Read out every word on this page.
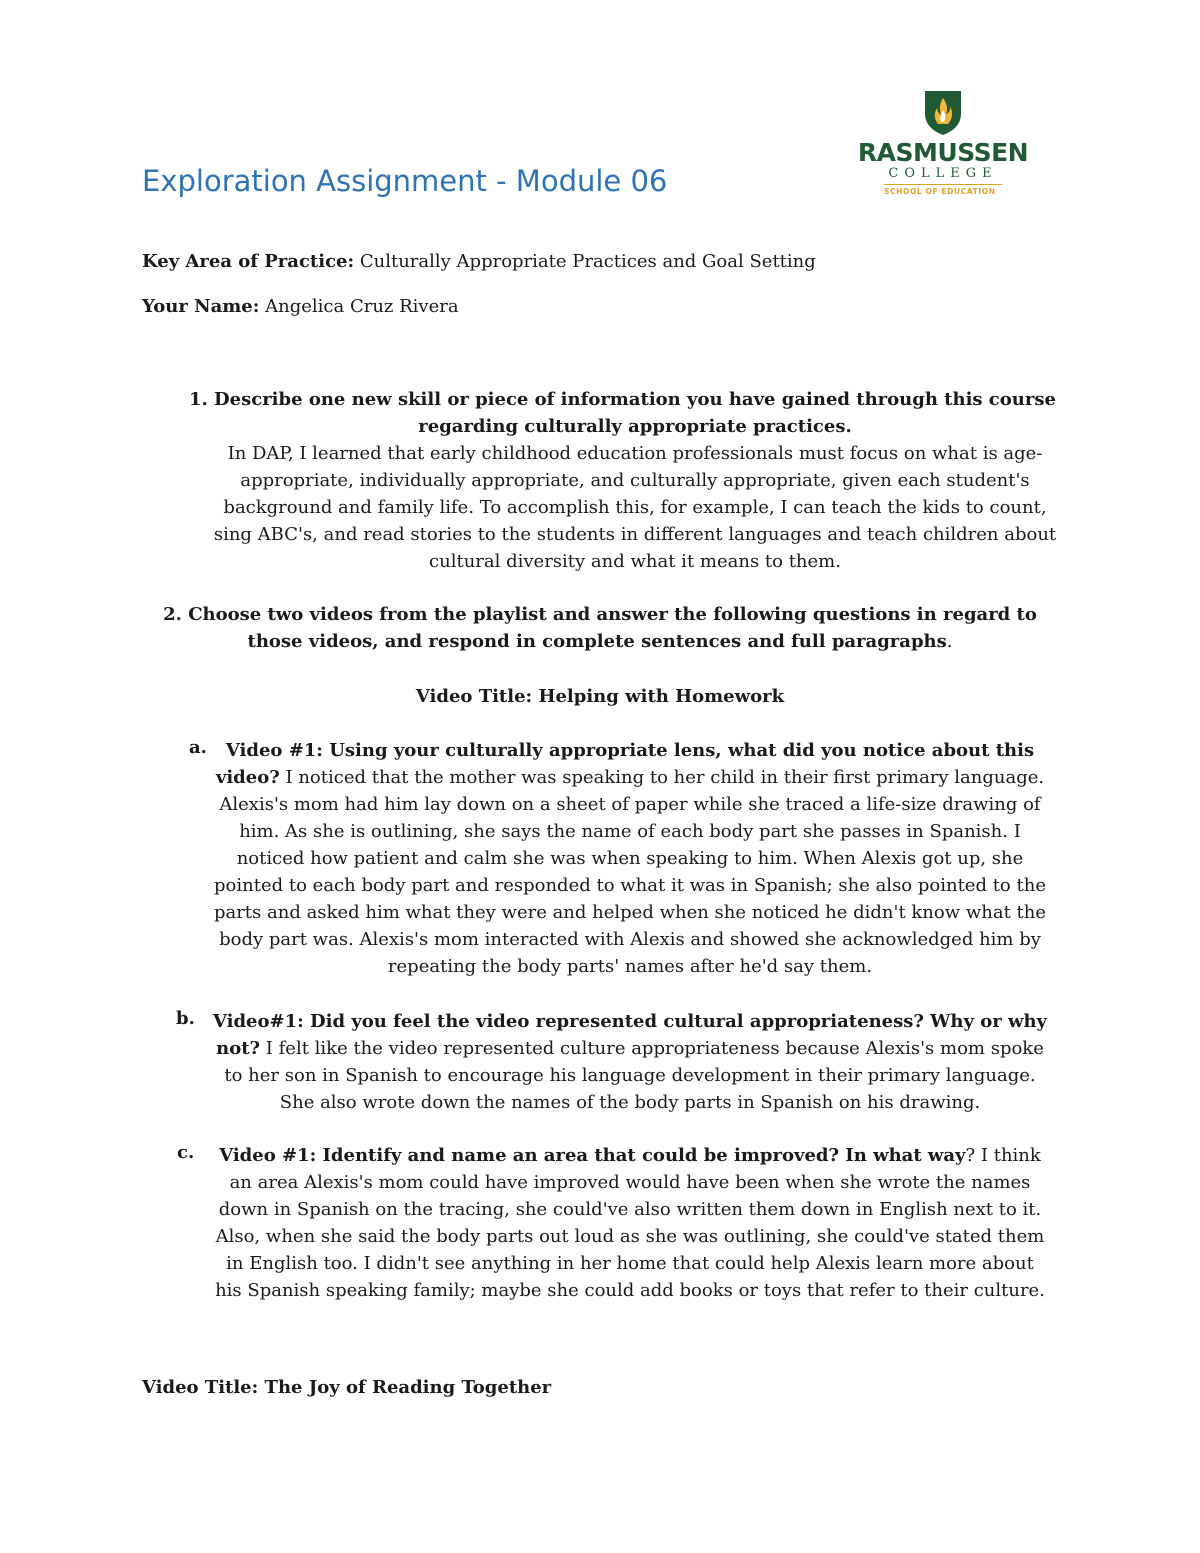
Exploration Assignment - Module 06
RASMUSSEN
COLLEGE
SCHOOL OF EDUCATION
Key Area of Practice: Culturally Appropriate Practices and Goal Setting
Your Name: Angelica Cruz Rivera
1. Describe one new skill or piece of information you have gained through this course regarding culturally appropriate practices.
In DAP, I learned that early childhood education professionals must focus on what is age-appropriate, individually appropriate, and culturally appropriate, given each student's background and family life. To accomplish this, for example, I can teach the kids to count, sing ABC's, and read stories to the students in different languages and teach children about cultural diversity and what it means to them.
2. Choose two videos from the playlist and answer the following questions in regard to those videos, and respond in complete sentences and full paragraphs.
Video Title: Helping with Homework
a.	Video #1: Using your culturally appropriate lens, what did you notice about this video? I noticed that the mother was speaking to her child in their first primary language. Alexis's mom had him lay down on a sheet of paper while she traced a life-size drawing of him. As she is outlining, she says the name of each body part she passes in Spanish. I noticed how patient and calm she was when speaking to him. When Alexis got up, she pointed to each body part and responded to what it was in Spanish; she also pointed to the parts and asked him what they were and helped when she noticed he didn't know what the body part was. Alexis's mom interacted with Alexis and showed she acknowledged him by repeating the body parts' names after he'd say them.
b. Video#1: Did you feel the video represented cultural appropriateness? Why or why not? I felt like the video represented culture appropriateness because Alexis's mom spoke to her son in Spanish to encourage his language development in their primary language. She also wrote down the names of the body parts in Spanish on his drawing.
c.	Video #1: Identify and name an area that could be improved? In what way? I think an area Alexis's mom could have improved would have been when she wrote the names down in Spanish on the tracing, she could've also written them down in English next to it. Also, when she said the body parts out loud as she was outlining, she could've stated them in English too. I didn't see anything in her home that could help Alexis learn more about his Spanish speaking family; maybe she could add books or toys that refer to their culture.
Video Title: The Joy of Reading Together
